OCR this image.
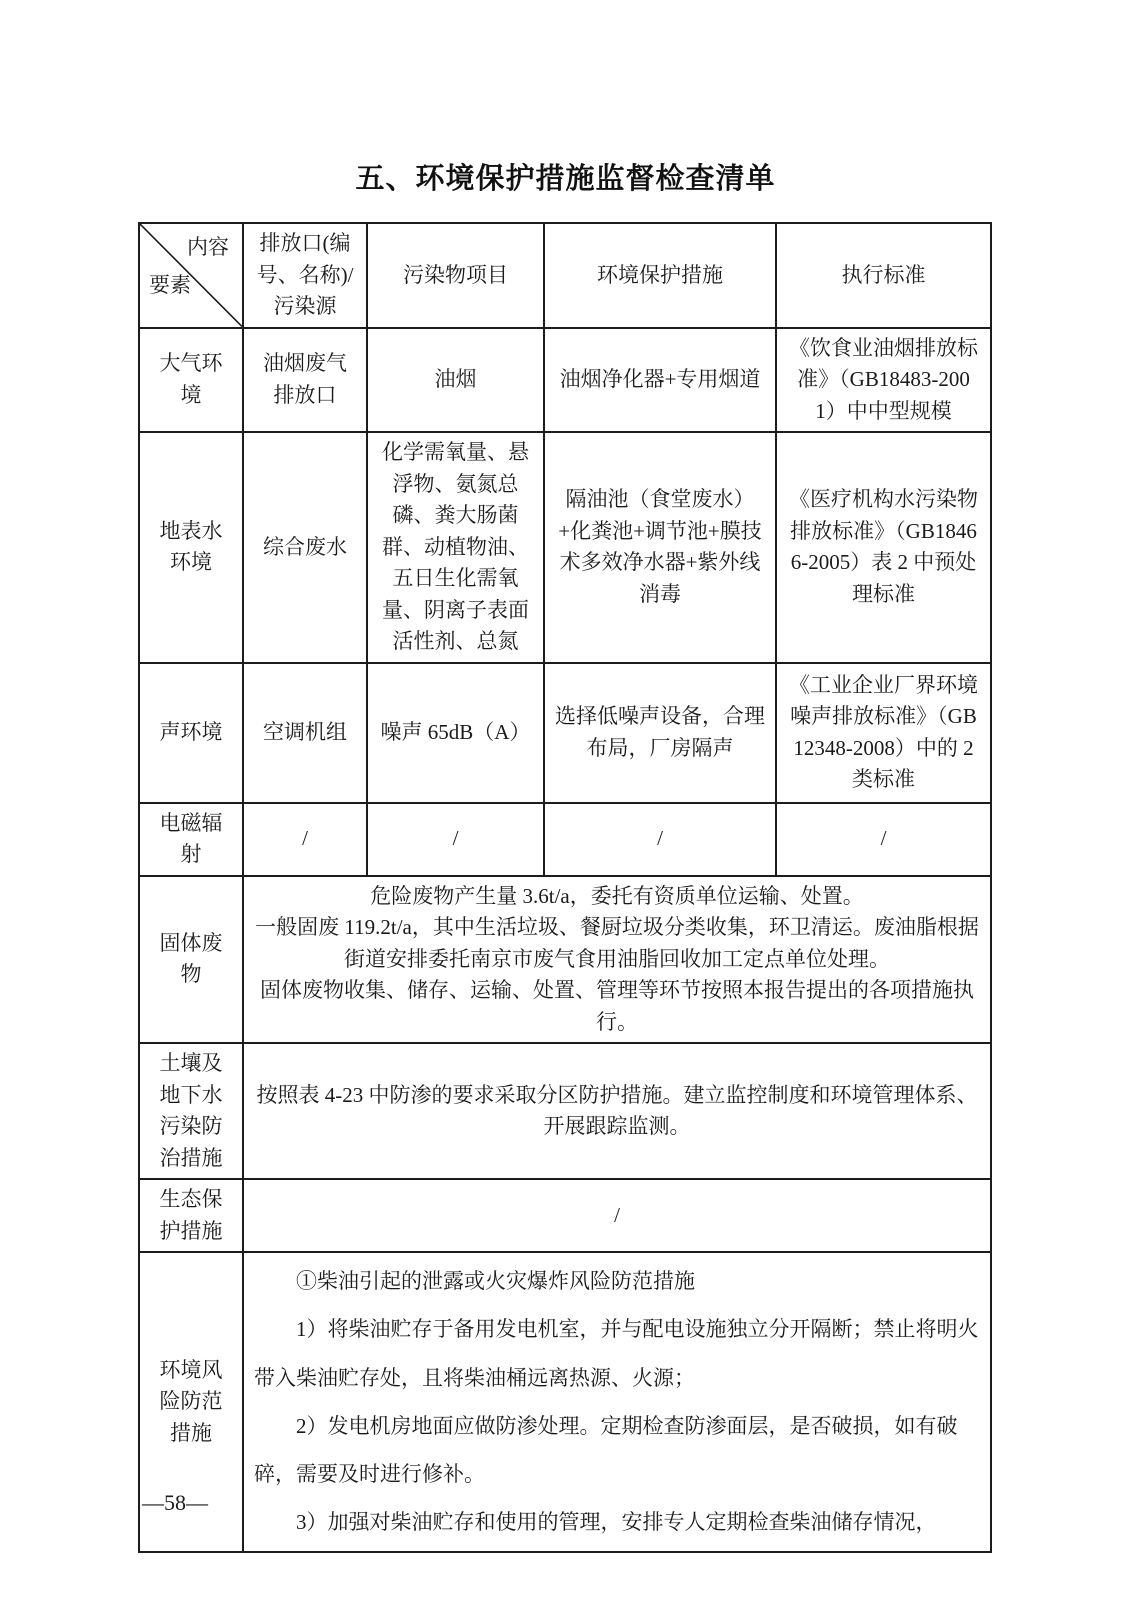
五、环境保护措施监督检查清单
内容
要素	排放口(编号、名称)/污染源	污染物项目	环境保护措施	执行标准
大气环境	油烟废气排放口	油烟	油烟净化器+专用烟道	《饮食业油烟排放标准》（GB18483-2001）中中型规模
地表水环境	综合废水	化学需氧量、悬浮物、氨氮总磷、粪大肠菌群、动植物油、五日生化需氧量、阴离子表面活性剂、总氮	隔油池（食堂废水）+化粪池+调节池+膜技术多效净水器+紫外线消毒	《医疗机构水污染物排放标准》（GB18466-2005）表 2 中预处理标准
声环境	空调机组	噪声 65dB（A）	选择低噪声设备，合理布局，厂房隔声	《工业企业厂界环境噪声排放标准》（GB12348-2008）中的 2 类标准
电磁辐射	/	/	/	/
固体废物	危险废物产生量 3.6t/a，委托有资质单位运输、处置。
一般固废 119.2t/a，其中生活垃圾、餐厨垃圾分类收集，环卫清运。废油脂根据街道安排委托南京市废气食用油脂回收加工定点单位处理。
固体废物收集、储存、运输、处置、管理等环节按照本报告提出的各项措施执行。			

土壤及地下水污染防治措施	按照表 4-23 中防渗的要求采取分区防护措施。建立监控制度和环境管理体系、开展跟踪监测。			
生态保护措施	/			
环境风险防范措施	①柴油引起的泄露或火灾爆炸风险防范措施

1）将柴油贮存于备用发电机室，并与配电设施独立分开隔断；禁止将明火带入柴油贮存处，且将柴油桶远离热源、火源；

2）发电机房地面应做防渗处理。定期检查防渗面层，是否破损，如有破碎，需要及时进行修补。

3）加强对柴油贮存和使用的管理，安排专人定期检查柴油储存情况，			

—58—
